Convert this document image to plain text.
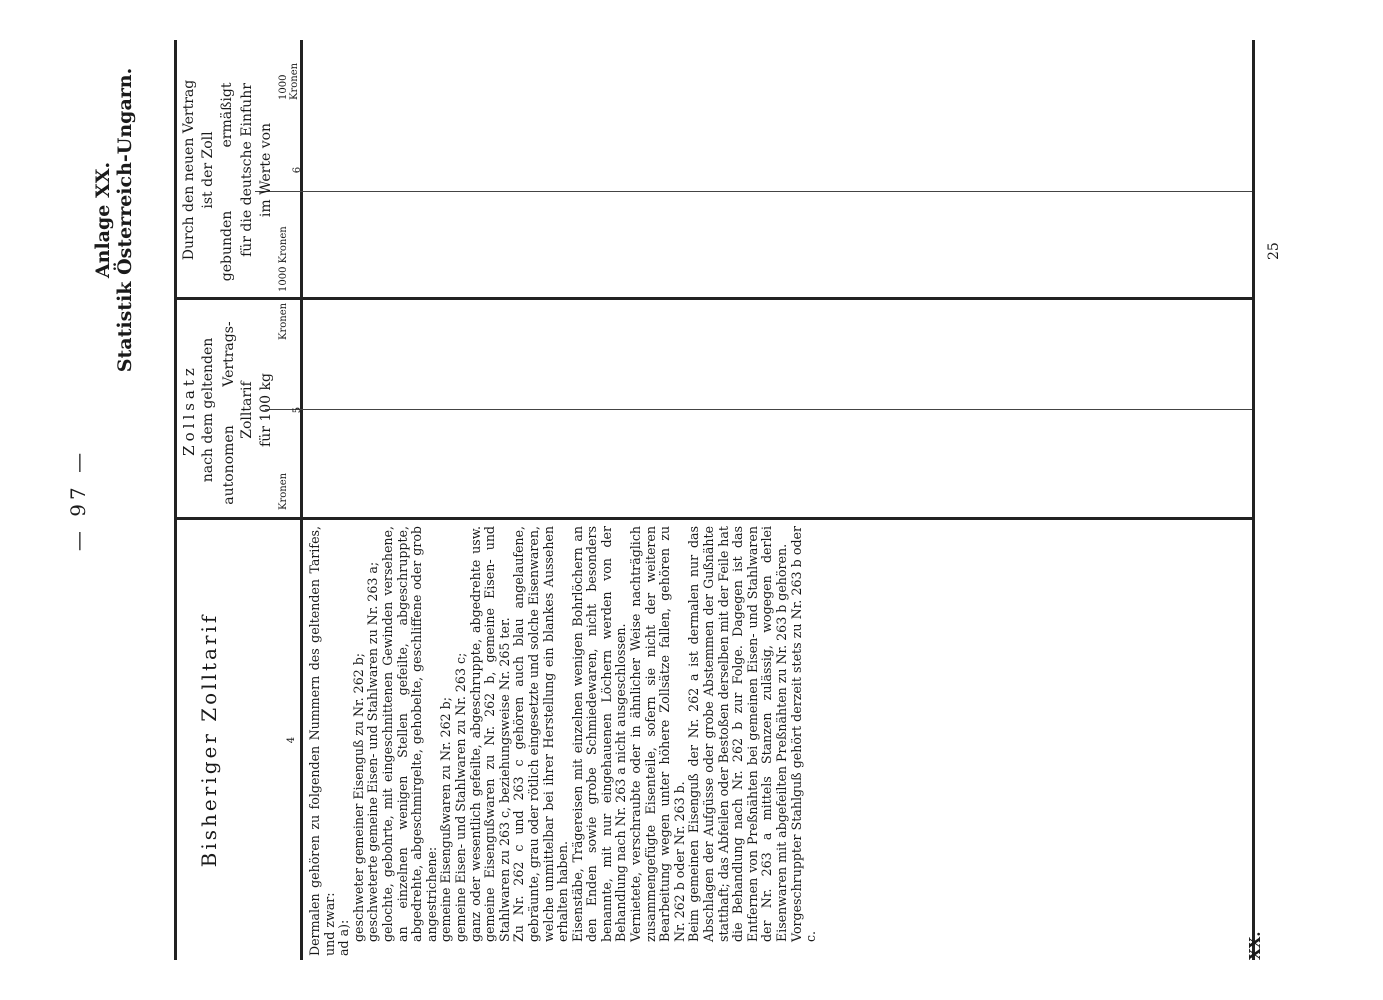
— 97 —
Anlage XX. Statistik Österreich-Ungarn.
Bisheriger Zolltarif	4
Zollsatz nach dem geltenden autonomen
Vertrags-
Zolltarif für 100 kg
Kronen
Kronen
5
Durch den neuen Vertrag ist der Zoll
gebunden
ermäßigt für die deutsche Einfuhr im Werte von
1000 Kronen
1000 Kronen
6

Dermalen gehören zu folgenden Nummern des geltenden Tarifes, und zwar: ad a): geschweter gemeiner Eisenguß zu Nr. 262 b; geschweterte gemeine Eisen- und Stahlwaren zu Nr. 263 a; gelochte, gebohrte, mit eingeschnittenen Gewinden versehene, an einzelnen wenigen Stellen gefeilte, abgeschruppte, abgedrehte, abgeschmirgelte, gehobelte, geschliffene oder grob angestrichene: gemeine Eisengußwaren zu Nr. 262 b; gemeine Eisen- und Stahlwaren zu Nr. 263 c; ganz oder wesentlich gefeilte, abgeschruppte, abgedrehte usw. gemeine Eisengußwaren zu Nr. 262 b, gemeine Eisen- und Stahlwaren zu 263 c, beziehungsweise Nr. 265 ter. Zu Nr. 262 c und 263 c gehören auch blau angelaufene, gebräunte, grau oder rötlich eingesetzte und solche Eisenwaren, welche unmittelbar bei ihrer Herstellung ein blankes Aussehen erhalten haben. Eisenstäbe, Trägereisen mit einzelnen wenigen Bohrlöchern an den Enden sowie grobe Schmiedewaren, nicht besonders benannte, mit nur eingehauenen Löchern werden von der Behandlung nach Nr. 263 a nicht ausgeschlossen. Vernietete, verschraubte oder in ähnlicher Weise nachträglich zusammengefügte Eisenteile, sofern sie nicht der weiteren Bearbeitung wegen unter höhere Zollsätze fallen, gehören zu Nr. 262 b oder Nr. 263 b. Beim gemeinen Eisenguß der Nr. 262 a ist dermalen nur das Abschlagen der Aufgüsse oder grobe Abstemmen der Gußnähte statthaft; das Abfeilen oder Bestoßen derselben mit der Feile hat die Behandlung nach Nr. 262 b zur Folge. Dagegen ist das Entfernen von Preßnähten bei gemeinen Eisen- und Stahlwaren der Nr. 263 a mittels Stanzen zulässig, wogegen derlei Eisenwaren mit abgefeilten Preßnähten zu Nr. 263 b gehören. Vorgeschruppter Stahlguß gehört derzeit stets zu Nr. 263 b oder c.	XX.
25
